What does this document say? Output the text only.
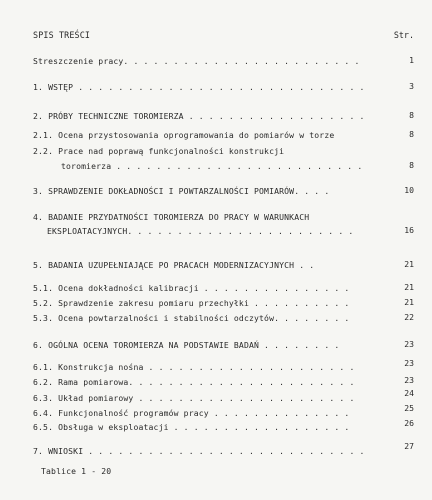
SPIS TREŚCI	Str.
Streszczenie pracy. . . . . . . . . . . . . . . . . . . . . . . .	1
1. WSTĘP . . . . . . . . . . . . . . . . . . . . . . . . . . . . .	3
2. PRÓBY TECHNICZNE TOROMIERZA . . . . . . . . . . . . . . . . . .	8
2.1. Ocena przystosowania oprogramowania do pomiarów w torze	8
2.2. Prace nad poprawą funkcjonalności konstrukcji
toromierza . . . . . . . . . . . . . . . . . . . . . . . . .	8
3. SPRAWDZENIE DOKŁADNOŚCI I POWTARZALNOŚCI POMIARÓW. . . .	10
4. BADANIE PRZYDATNOŚCI TOROMIERZA DO PRACY W WARUNKACH
EKSPLOATACYJNYCH. . . . . . . . . . . . . . . . . . . . . . .	16
5. BADANIA UZUPEŁNIAJĄCE PO PRACACH MODERNIZACYJNYCH . .	21
5.1. Ocena dokładności kalibracji . . . . . . . . . . . . . . .	21
5.2. Sprawdzenie zakresu pomiaru przechyłki . . . . . . . . . .	21
5.3. Ocena powtarzalności i stabilności odczytów. . . . . . . .	22
6. OGÓLNA OCENA TOROMIERZA NA PODSTAWIE BADAŃ . . . . . . . .	23
6.1. Konstrukcja nośna . . . . . . . . . . . . . . . . . . . . .	23
6.2. Rama pomiarowa. . . . . . . . . . . . . . . . . . . . . . .	23
6.3. Układ pomiarowy . . . . . . . . . . . . . . . . . . . . . .	24
6.4. Funkcjonalność programów pracy . . . . . . . . . . . . . .	25
6.5. Obsługa w eksploatacji . . . . . . . . . . . . . . . . . .	26
7. WNIOSKI . . . . . . . . . . . . . . . . . . . . . . . . . . . .	27
Tablice 1 - 20
